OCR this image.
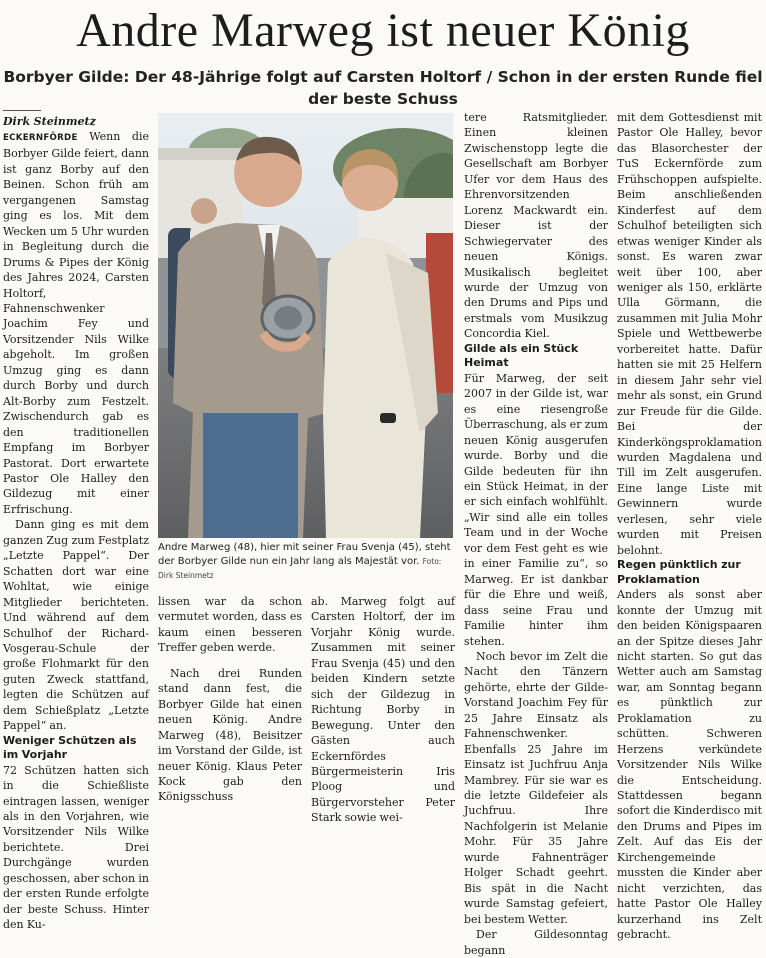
Andre Marweg ist neuer König
Borbyer Gilde: Der 48-Jährige folgt auf Carsten Holtorf / Schon in der ersten Runde fiel der beste Schuss

Dirk Steinmetz

ECKERNFÖRDE Wenn die Borbyer Gilde feiert, dann ist ganz Borby auf den Beinen. Schon früh am vergangenen Samstag ging es los. Mit dem Wecken um 5 Uhr wurden in Begleitung durch die Drums & Pipes der König des Jahres 2024, Carsten Holtorf, Fahnenschwenker Joachim Fey und Vorsitzender Nils Wilke abgeholt. Im großen Umzug ging es dann durch Borby und durch Alt-Borby zum Festzelt. Zwischendurch gab es den traditionellen Empfang im Borbyer Pastorat. Dort erwartete Pastor Ole Halley den Gildezug mit einer Erfrischung.

Dann ging es mit dem ganzen Zug zum Festplatz „Letzte Pappel“. Der Schatten dort war eine Wohltat, wie einige Mitglieder berichteten. Und während auf dem Schulhof der Richard-Vosgerau-Schule der große Flohmarkt für den guten Zweck stattfand, legten die Schützen auf dem Schießplatz „Letzte Pappel“ an.

Weniger Schützen als im Vorjahr

72 Schützen hatten sich in die Schießliste eintragen lassen, weniger als in den Vorjahren, wie Vorsitzender Nils Wilke berichtete. Drei Durchgänge wurden geschossen, aber schon in der ersten Runde erfolgte der beste Schuss. Hinter den Ku-

Andre Marweg (48), hier mit seiner Frau Svenja (45), steht der Borbyer Gilde nun ein Jahr lang als Majestät vor. Foto: Dirk Steinmetz

lissen war da schon vermutet worden, dass es kaum einen besseren Treffer geben werde.

Nach drei Runden stand dann fest, die Borbyer Gilde hat einen neuen König. Andre Marweg (48), Beisitzer im Vorstand der Gilde, ist neuer König. Klaus Peter Kock gab den Königsschuss

ab. Marweg folgt auf Carsten Holtorf, der im Vorjahr König wurde. Zusammen mit seiner Frau Svenja (45) und den beiden Kindern setzte sich der Gildezug in Richtung Borby in Bewegung. Unter den Gästen auch Eckernfördes Bürgermeisterin Iris Ploog und Bürgervorsteher Peter Stark sowie wei-

tere Ratsmitglieder. Einen kleinen Zwischenstopp legte die Gesellschaft am Borbyer Ufer vor dem Haus des Ehrenvorsitzenden Lorenz Mackwardt ein. Dieser ist der Schwiegervater des neuen Königs. Musikalisch begleitet wurde der Umzug von den Drums and Pips und erstmals vom Musikzug Concordia Kiel.

Gilde als ein Stück Heimat

Für Marweg, der seit 2007 in der Gilde ist, war es eine riesengroße Überraschung, als er zum neuen König ausgerufen wurde. Borby und die Gilde bedeuten für ihn ein Stück Heimat, in der er sich einfach wohlfühlt. „Wir sind alle ein tolles Team und in der Woche vor dem Fest geht es wie in einer Familie zu“, so Marweg. Er ist dankbar für die Ehre und weiß, dass seine Frau und Familie hinter ihm stehen.

Noch bevor im Zelt die Nacht den Tänzern gehörte, ehrte der Gilde-Vorstand Joachim Fey für 25 Jahre Einsatz als Fahnenschwenker. Ebenfalls 25 Jahre im Einsatz ist Juchfruu Anja Mambrey. Für sie war es die letzte Gildefeier als Juchfruu. Ihre Nachfolgerin ist Melanie Mohr. Für 35 Jahre wurde Fahnenträger Holger Schadt geehrt. Bis spät in die Nacht wurde Samstag gefeiert, bei bestem Wetter.

Der Gildesonntag begann

mit dem Gottesdienst mit Pastor Ole Halley, bevor das Blasorchester der TuS Eckernförde zum Frühschoppen aufspielte. Beim anschließenden Kinderfest auf dem Schulhof beteiligten sich etwas weniger Kinder als sonst. Es waren zwar weit über 100, aber weniger als 150, erklärte Ulla Görmann, die zusammen mit Julia Mohr Spiele und Wettbewerbe vorbereitet hatte. Dafür hatten sie mit 25 Helfern in diesem Jahr sehr viel mehr als sonst, ein Grund zur Freude für die Gilde. Bei der Kinderköngsproklamation wurden Magdalena und Till im Zelt ausgerufen. Eine lange Liste mit Gewinnern wurde verlesen, sehr viele wurden mit Preisen belohnt.

Regen pünktlich zur Proklamation

Anders als sonst aber konnte der Umzug mit den beiden Königspaaren an der Spitze dieses Jahr nicht starten. So gut das Wetter auch am Samstag war, am Sonntag begann es pünktlich zur Proklamation zu schütten. Schweren Herzens verkündete Vorsitzender Nils Wilke die Entscheidung. Stattdessen begann sofort die Kinderdisco mit den Drums and Pipes im Zelt. Auf das Eis der Kirchengemeinde mussten die Kinder aber nicht verzichten, das hatte Pastor Ole Halley kurzerhand ins Zelt gebracht.
